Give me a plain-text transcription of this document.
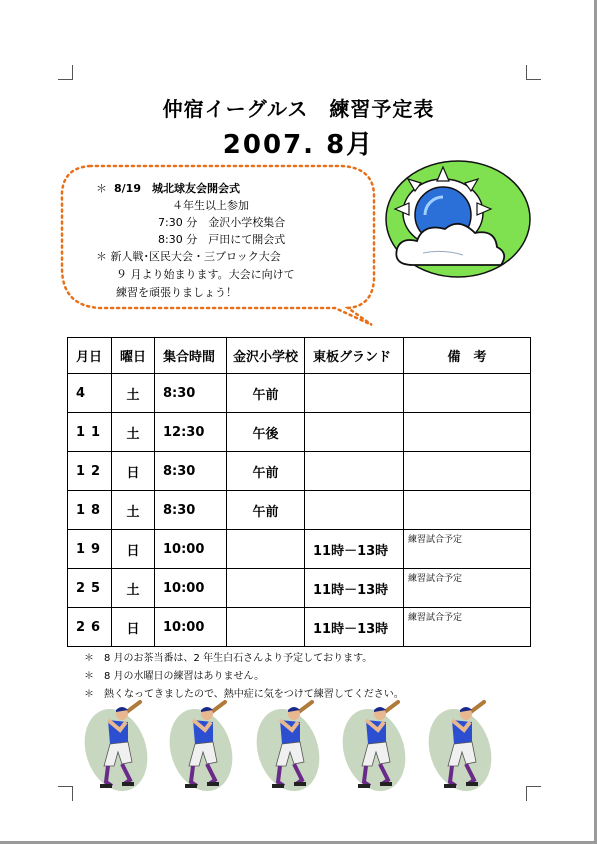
仲宿イーグルス　練習予定表
2007. 8月
＊ 8/19　城北球友会開会式
４年生以上参加
7:30 分　金沢小学校集合
8:30 分　戸田にて開会式
＊ 新人戦･区民大会・三ブロック大会
９ 月より始まります。大会に向けて
練習を頑張りましょう！
月日	曜日	集合時間	金沢小学校	東板グランド	備　考
4	土	8:30	午前		
11	土	12:30	午後		
12	日	8:30	午前		
18	土	8:30	午前		
19	日	10:00		11時－13時	練習試合予定
25	土	10:00		11時－13時	練習試合予定
26	日	10:00		11時－13時	練習試合予定
＊　8 月のお茶当番は、2 年生白石さんより予定しております。
＊　8 月の水曜日の練習はありません。
＊　熱くなってきましたので、熱中症に気をつけて練習してください。
